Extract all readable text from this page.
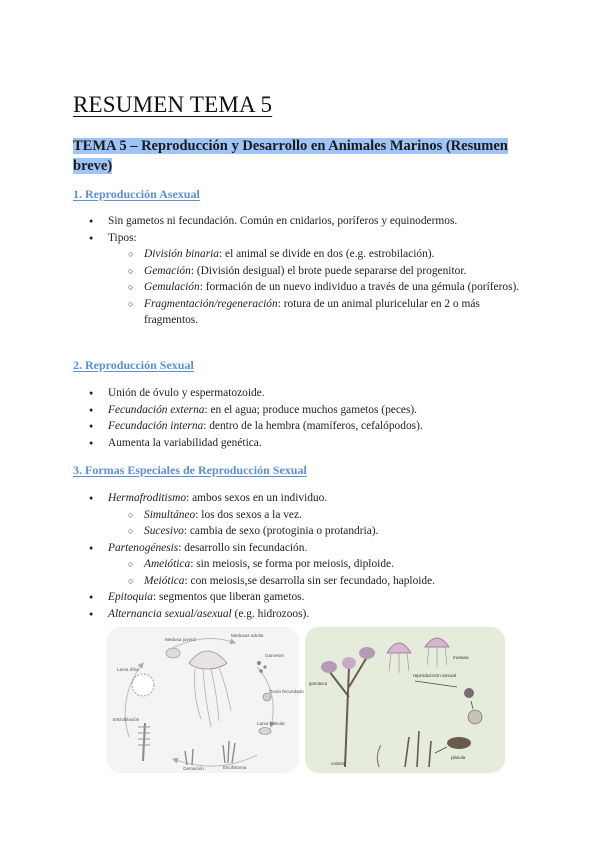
RESUMEN TEMA 5
TEMA 5 – Reproducción y Desarrollo en Animales Marinos (Resumen breve)
1. Reproducción Asexual
● Sin gametos ni fecundación. Común en cnidarios, poríferos y equinodermos.
● Tipos:
○ División binaria: el animal se divide en dos (e.g. estrobilación).
○ Gemación: (División desigual) el brote puede separarse del progenitor.
○ Gemulación: formación de un nuevo individuo a través de una gémula (poríferos).
○ Fragmentación/regeneración: rotura de un animal pluricelular en 2 o más fragmentos.
2. Reproducción Sexual
● Unión de óvulo y espermatozoide.
● Fecundación externa: en el agua; produce muchos gametos (peces).
● Fecundación interna: dentro de la hembra (mamíferos, cefalópodos).
● Aumenta la variabilidad genética.
3. Formas Especiales de Reproducción Sexual
● Hermafroditismo: ambos sexos en un individuo.
○ Simultáneo: los dos sexos a la vez.
○ Sucesivo: cambia de sexo (protoginia o protandria).
● Partenogénesis: desarrollo sin fecundación.
○ Ameiótica: sin meiosis, se forma por meiosis, diploide.
○ Meiótica: con meiosis,se desarrolla sin ser fecundado, haploide.
● Epitoquia: segmentos que liberan gametos.
● Alternancia sexual/asexual (e.g. hidrozoos).
Medusa juvenil
Medusas adulta
Gametos
Óvulo fecundado
Larva plánula
Escifistoma
Gemación
Estrobilación
Larva éfira
reproducción sexual
gonoteca
medusa
plánula
colonia
